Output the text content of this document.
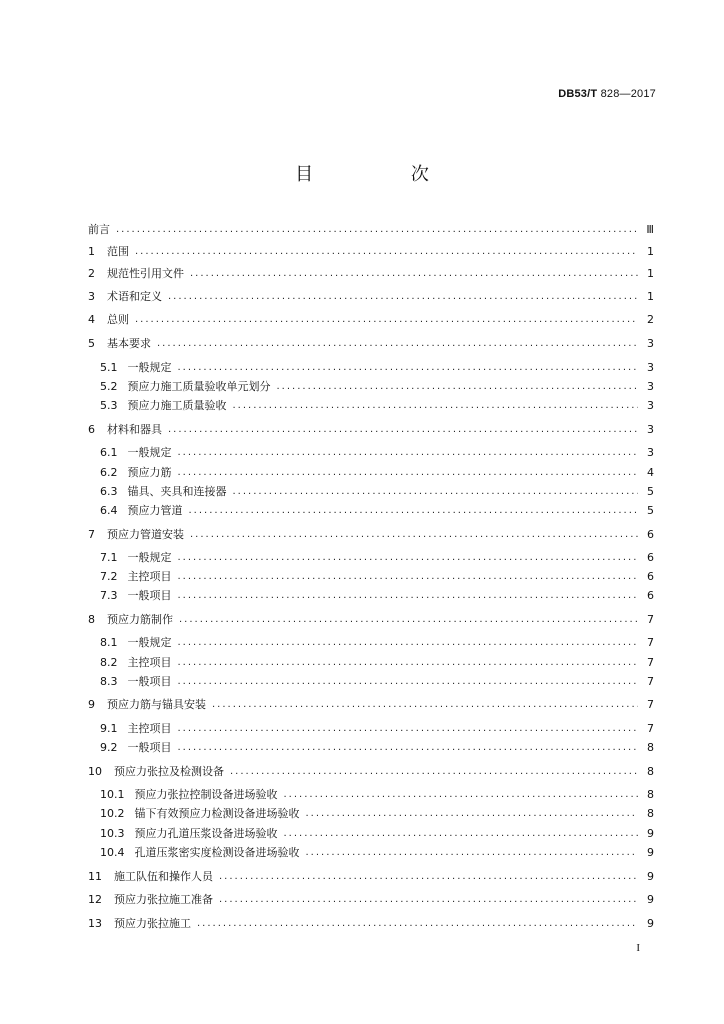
DB53/T 828—2017
目 次
前言 .....	Ⅲ
1 范围 .....	1
2 规范性引用文件 .....	1
3 术语和定义 .....	1
4 总则 .....	2
5 基本要求 .....	3
5.1 一般规定 .....	3
5.2 预应力施工质量验收单元划分 .....	3
5.3 预应力施工质量验收 .....	3
6 材料和器具 .....	3
6.1 一般规定 .....	3
6.2 预应力筋 .....	4
6.3 锚具、夹具和连接器 .....	5
6.4 预应力管道 .....	5
7 预应力管道安装 .....	6
7.1 一般规定 .....	6
7.2 主控项目 .....	6
7.3 一般项目 .....	6
8 预应力筋制作 .....	7
8.1 一般规定 .....	7
8.2 主控项目 .....	7
8.3 一般项目 .....	7
9 预应力筋与锚具安装 .....	7
9.1 主控项目 .....	7
9.2 一般项目 .....	8
10 预应力张拉及检测设备 .....	8
10.1 预应力张拉控制设备进场验收 .....	8
10.2 锚下有效预应力检测设备进场验收 .....	8
10.3 预应力孔道压浆设备进场验收 .....	9
10.4 孔道压浆密实度检测设备进场验收 .....	9
11 施工队伍和操作人员 .....	9
12 预应力张拉施工准备 .....	9
13 预应力张拉施工 .....	9
I
